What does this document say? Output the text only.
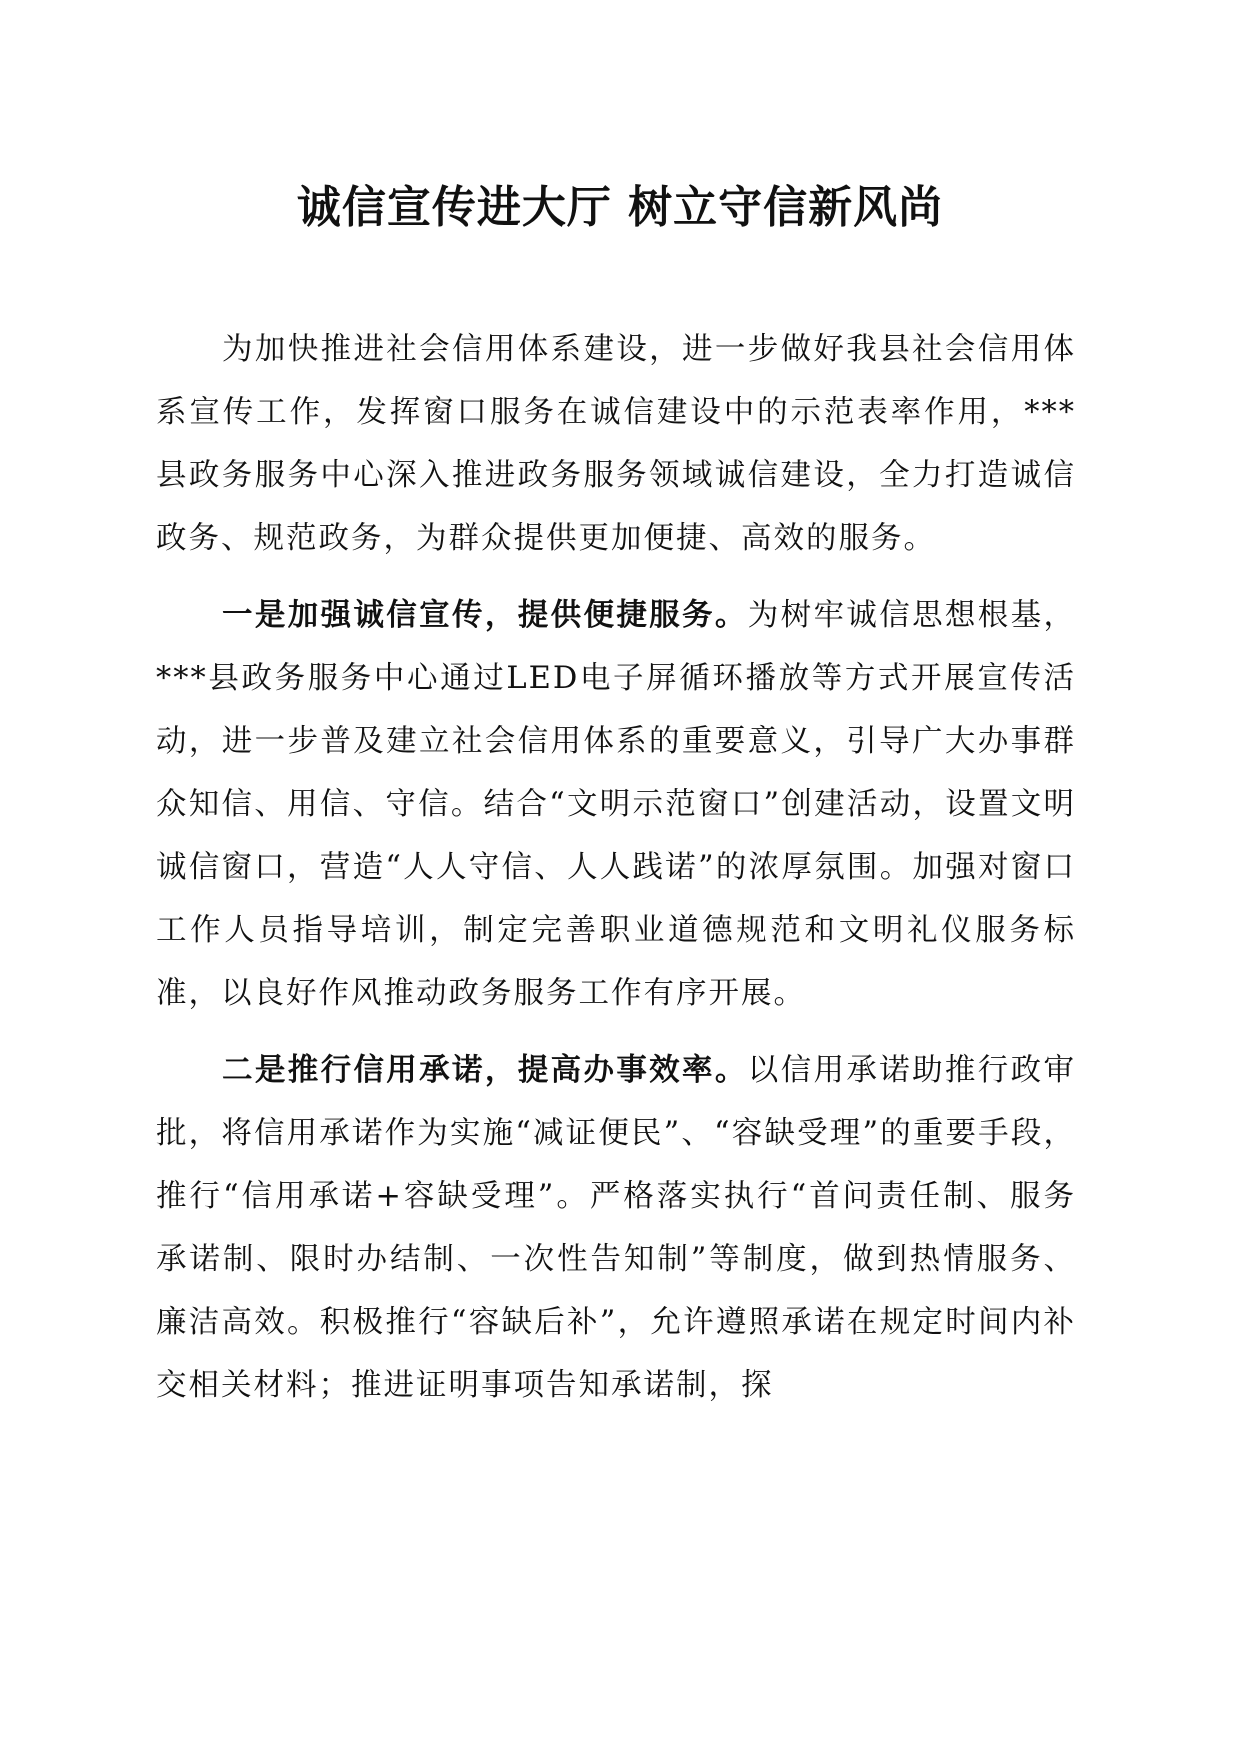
诚信宣传进大厅 树立守信新风尚

为加快推进社会信用体系建设，进一步做好我县社会信用体系宣传工作，发挥窗口服务在诚信建设中的示范表率作用，***县政务服务中心深入推进政务服务领域诚信建设，全力打造诚信政务、规范政务，为群众提供更加便捷、高效的服务。

一是加强诚信宣传，提供便捷服务。为树牢诚信思想根基，***县政务服务中心通过LED电子屏循环播放等方式开展宣传活动，进一步普及建立社会信用体系的重要意义，引导广大办事群众知信、用信、守信。结合“文明示范窗口”创建活动，设置文明诚信窗口，营造“人人守信、人人践诺”的浓厚氛围。加强对窗口工作人员指导培训，制定完善职业道德规范和文明礼仪服务标准，以良好作风推动政务服务工作有序开展。

二是推行信用承诺，提高办事效率。以信用承诺助推行政审批，将信用承诺作为实施“减证便民”、“容缺受理”的重要手段，推行“信用承诺+容缺受理”。严格落实执行“首问责任制、服务承诺制、限时办结制、一次性告知制”等制度，做到热情服务、廉洁高效。积极推行“容缺后补”，允许遵照承诺在规定时间内补交相关材料；推进证明事项告知承诺制，探
